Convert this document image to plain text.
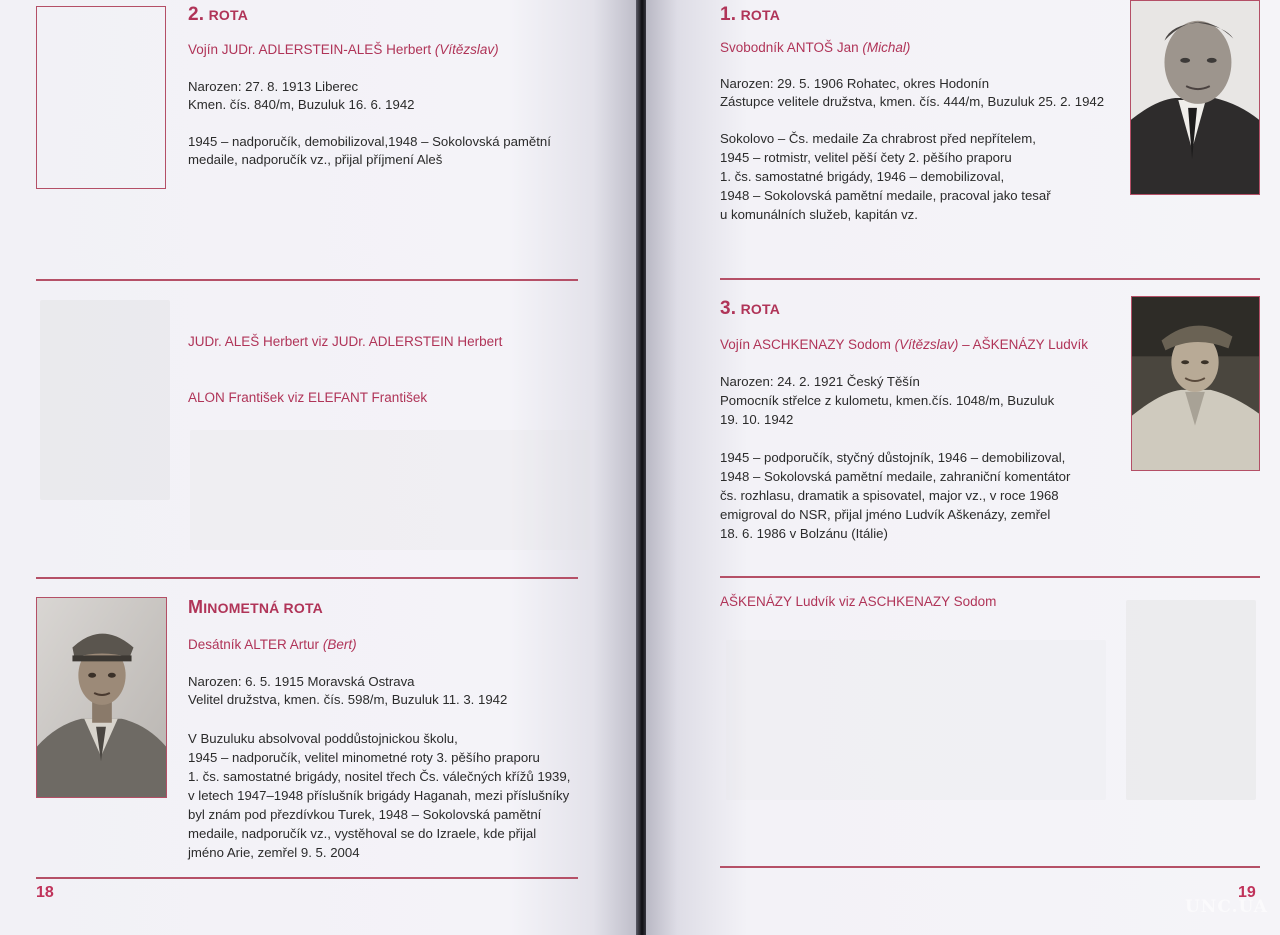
2. ROTA
Vojín JUDr. ADLERSTEIN-ALEŠ Herbert (Vítězslav)
Narozen: 27. 8. 1913 Liberec
Kmen. čís. 840/m, Buzuluk 16. 6. 1942
1945 – nadporučík, demobilizoval,1948 – Sokolovská pamětní
medaile, nadporučík vz., přijal příjmení Aleš
JUDr. ALEŠ Herbert viz JUDr. ADLERSTEIN Herbert
ALON František viz ELEFANT František
MINOMETNÁ ROTA
Desátník ALTER Artur (Bert)
Narozen: 6. 5. 1915 Moravská Ostrava
Velitel družstva, kmen. čís. 598/m, Buzuluk 11. 3. 1942
V Buzuluku absolvoval poddůstojnickou školu,
1945 – nadporučík, velitel minometné roty 3. pěšího praporu
1. čs. samostatné brigády, nositel třech Čs. válečných křížů 1939,
v letech 1947–1948 příslušník brigády Haganah, mezi příslušníky
byl znám pod přezdívkou Turek, 1948 – Sokolovská pamětní
medaile, nadporučík vz., vystěhoval se do Izraele, kde přijal
jméno Arie, zemřel 9. 5. 2004
18
1. ROTA
Svobodník ANTOŠ Jan (Michal)
Narozen: 29. 5. 1906 Rohatec, okres Hodonín
Zástupce velitele družstva, kmen. čís. 444/m, Buzuluk 25. 2. 1942
Sokolovo – Čs. medaile Za chrabrost před nepřítelem,
1945 – rotmistr, velitel pěší čety 2. pěšího praporu
1. čs. samostatné brigády, 1946 – demobilizoval,
1948 – Sokolovská pamětní medaile, pracoval jako tesař
u komunálních služeb, kapitán vz.
3. ROTA
Vojín ASCHKENAZY Sodom (Vítězslav) – AŠKENÁZY Ludvík
Narozen: 24. 2. 1921 Český Těšín
Pomocník střelce z kulometu, kmen.čís. 1048/m, Buzuluk
19. 10. 1942
1945 – podporučík, styčný důstojník, 1946 – demobilizoval,
1948 – Sokolovská pamětní medaile, zahraniční komentátor
čs. rozhlasu, dramatik a spisovatel, major vz., v roce 1968
emigroval do NSR, přijal jméno Ludvík Aškenázy, zemřel
18. 6. 1986 v Bolzánu (Itálie)
AŠKENÁZY Ludvík viz ASCHKENAZY Sodom
19
UNC.UA
